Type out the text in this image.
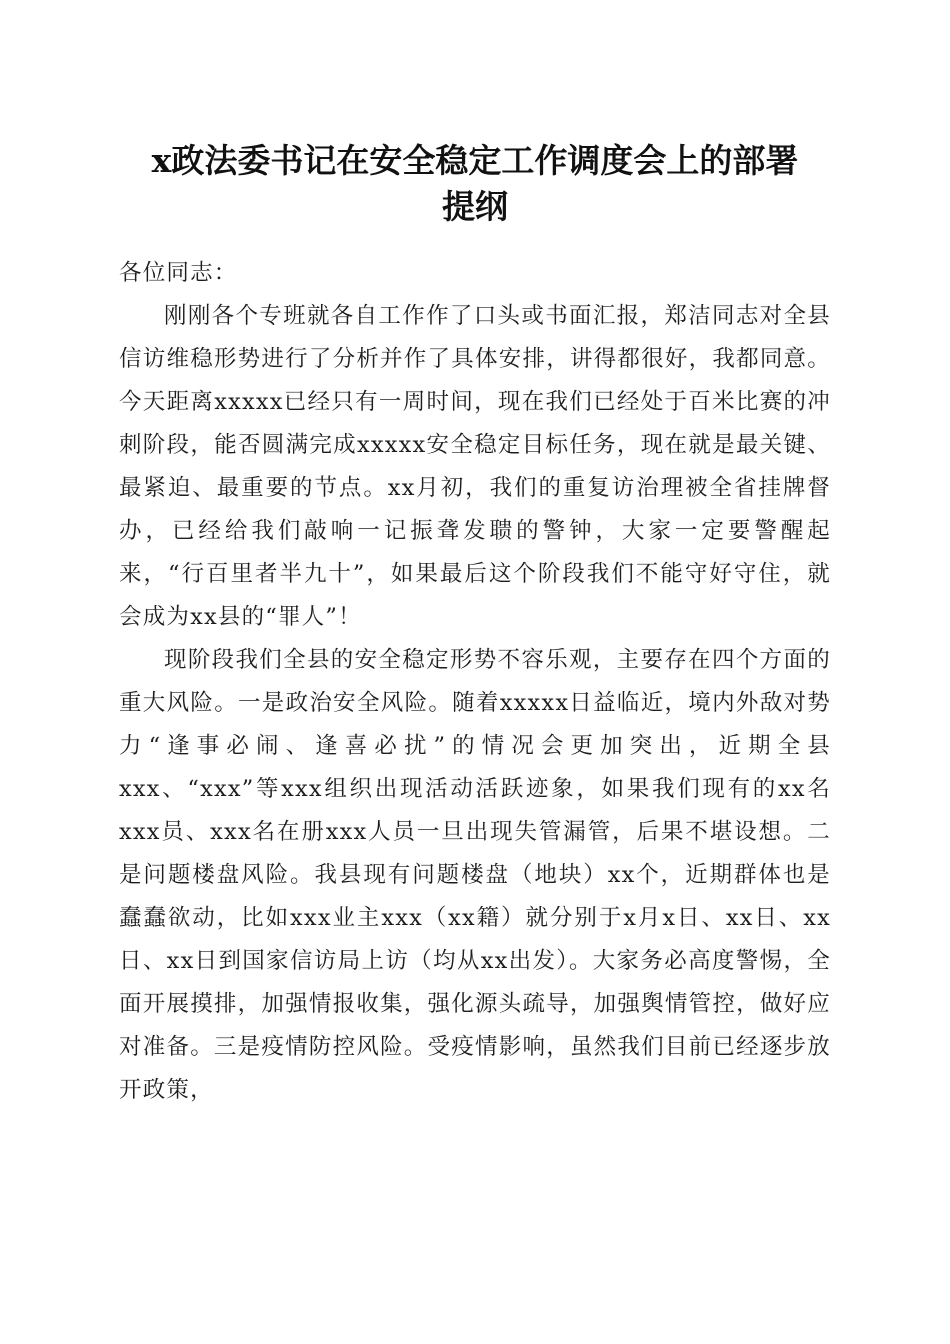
x政法委书记在安全稳定工作调度会上的部署
提纲

各位同志：

刚刚各个专班就各自工作作了口头或书面汇报，郑洁同志对全县信访维稳形势进行了分析并作了具体安排，讲得都很好，我都同意。今天距离xxxxx已经只有一周时间，现在我们已经处于百米比赛的冲刺阶段，能否圆满完成xxxxx安全稳定目标任务，现在就是最关键、最紧迫、最重要的节点。xx月初，我们的重复访治理被全省挂牌督办，已经给我们敲响一记振聋发聩的警钟，大家一定要警醒起来，“行百里者半九十”，如果最后这个阶段我们不能守好守住，就会成为xx县的“罪人”！

现阶段我们全县的安全稳定形势不容乐观，主要存在四个方面的重大风险。一是政治安全风险。随着xxxxx日益临近，境内外敌对势力“逢事必闹、逢喜必扰”的情况会更加突出，近期全县xxx、“xxx”等xxx组织出现活动活跃迹象，如果我们现有的xx名xxx员、xxx名在册xxx人员一旦出现失管漏管，后果不堪设想。二是问题楼盘风险。我县现有问题楼盘（地块）xx个，近期群体也是蠢蠢欲动，比如xxx业主xxx（xx籍）就分别于x月x日、xx日、xx日、xx日到国家信访局上访（均从xx出发）。大家务必高度警惕，全面开展摸排，加强情报收集，强化源头疏导，加强舆情管控，做好应对准备。三是疫情防控风险。受疫情影响，虽然我们目前已经逐步放开政策，
